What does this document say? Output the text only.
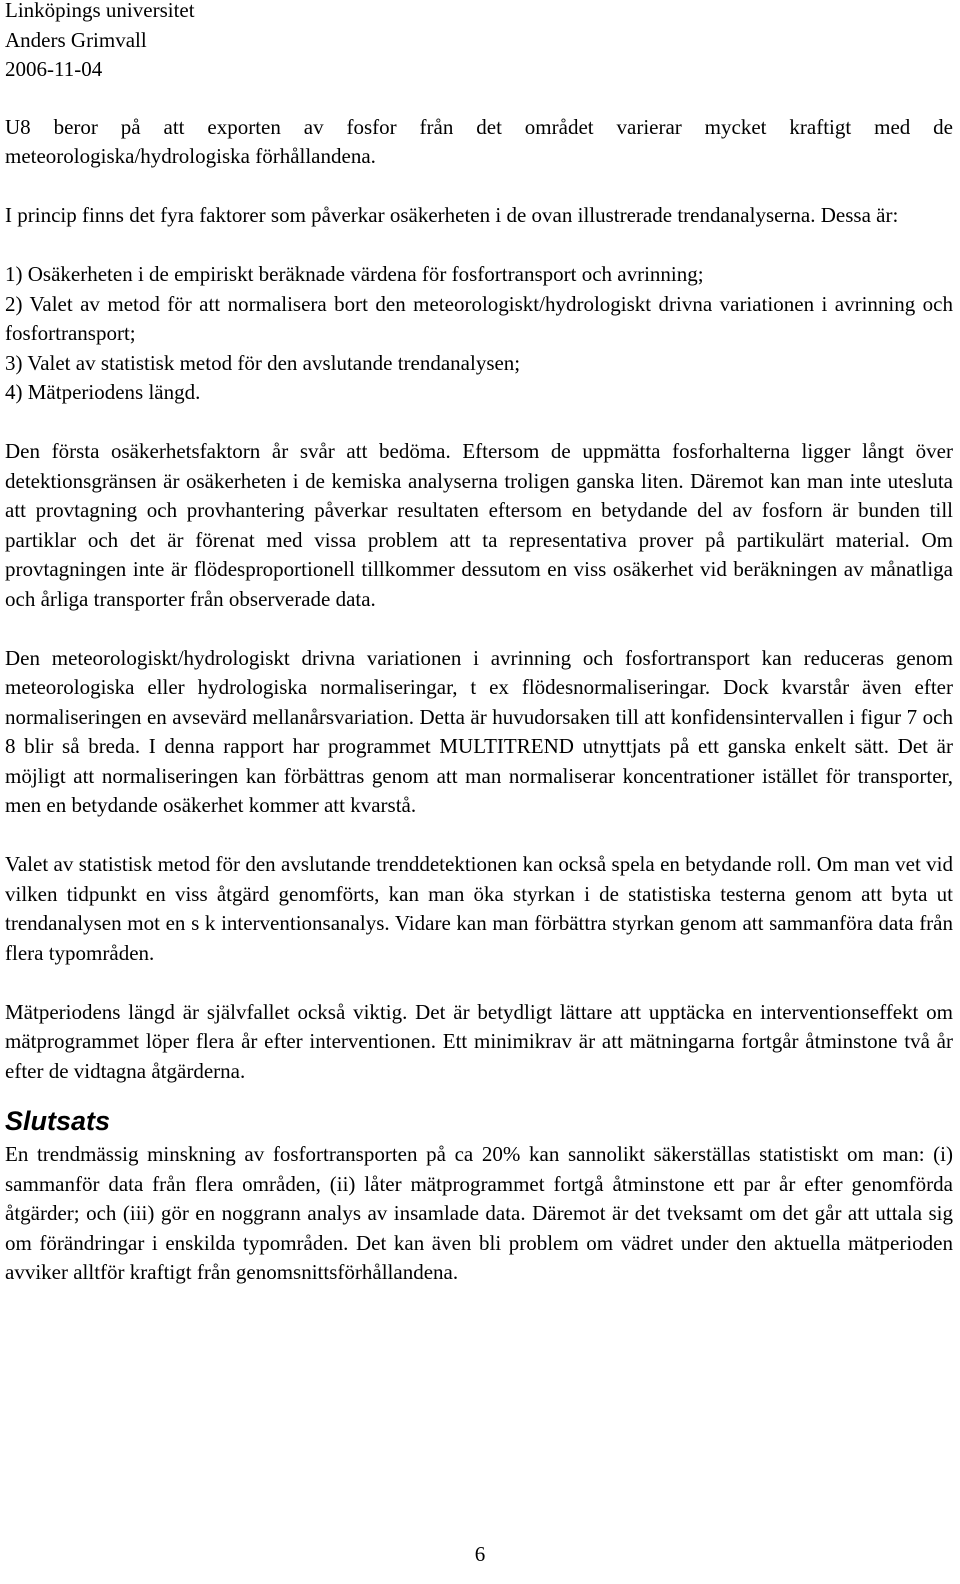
Linköpings universitet
Anders Grimvall
2006-11-04

U8 beror på att exporten av fosfor från det området varierar mycket kraftigt med de meteorologiska/hydrologiska förhållandena.

I princip finns det fyra faktorer som påverkar osäkerheten i de ovan illustrerade trendanalyserna. Dessa är:

1) Osäkerheten i de empiriskt beräknade värdena för fosfortransport och avrinning;
2) Valet av metod för att normalisera bort den meteorologiskt/hydrologiskt drivna variationen i avrinning och fosfortransport;
3) Valet av statistisk metod för den avslutande trendanalysen;
4) Mätperiodens längd.

Den första osäkerhetsfaktorn år svår att bedöma. Eftersom de uppmätta fosforhalterna ligger långt över detektionsgränsen är osäkerheten i de kemiska analyserna troligen ganska liten. Däremot kan man inte utesluta att provtagning och provhantering påverkar resultaten eftersom en betydande del av fosforn är bunden till partiklar och det är förenat med vissa problem att ta representativa prover på partikulärt material. Om provtagningen inte är flödesproportionell tillkommer dessutom en viss osäkerhet vid beräkningen av månatliga och årliga transporter från observerade data.

Den meteorologiskt/hydrologiskt drivna variationen i avrinning och fosfortransport kan reduceras genom meteorologiska eller hydrologiska normaliseringar, t ex flödesnormaliseringar. Dock kvarstår även efter normaliseringen en avsevärd mellanårsvariation. Detta är huvudorsaken till att konfidensintervallen i figur 7 och 8 blir så breda. I denna rapport har programmet MULTITREND utnyttjats på ett ganska enkelt sätt. Det är möjligt att normaliseringen kan förbättras genom att man normaliserar koncentrationer istället för transporter, men en betydande osäkerhet kommer att kvarstå.

Valet av statistisk metod för den avslutande trenddetektionen kan också spela en betydande roll. Om man vet vid vilken tidpunkt en viss åtgärd genomförts, kan man öka styrkan i de statistiska testerna genom att byta ut trendanalysen mot en s k interventionsanalys. Vidare kan man förbättra styrkan genom att sammanföra data från flera typområden.

Mätperiodens längd är självfallet också viktig. Det är betydligt lättare att upptäcka en interventionseffekt om mätprogrammet löper flera år efter interventionen. Ett minimikrav är att mätningarna fortgår åtminstone två år efter de vidtagna åtgärderna.

Slutsats

En trendmässig minskning av fosfortransporten på ca 20% kan sannolikt säkerställas statistiskt om man: (i) sammanför data från flera områden, (ii) låter mätprogrammet fortgå åtminstone ett par år efter genomförda åtgärder; och (iii) gör en noggrann analys av insamlade data. Däremot är det tveksamt om det går att uttala sig om förändringar i enskilda typområden. Det kan även bli problem om vädret under den aktuella mätperioden avviker alltför kraftigt från genomsnittsförhållandena.

6
